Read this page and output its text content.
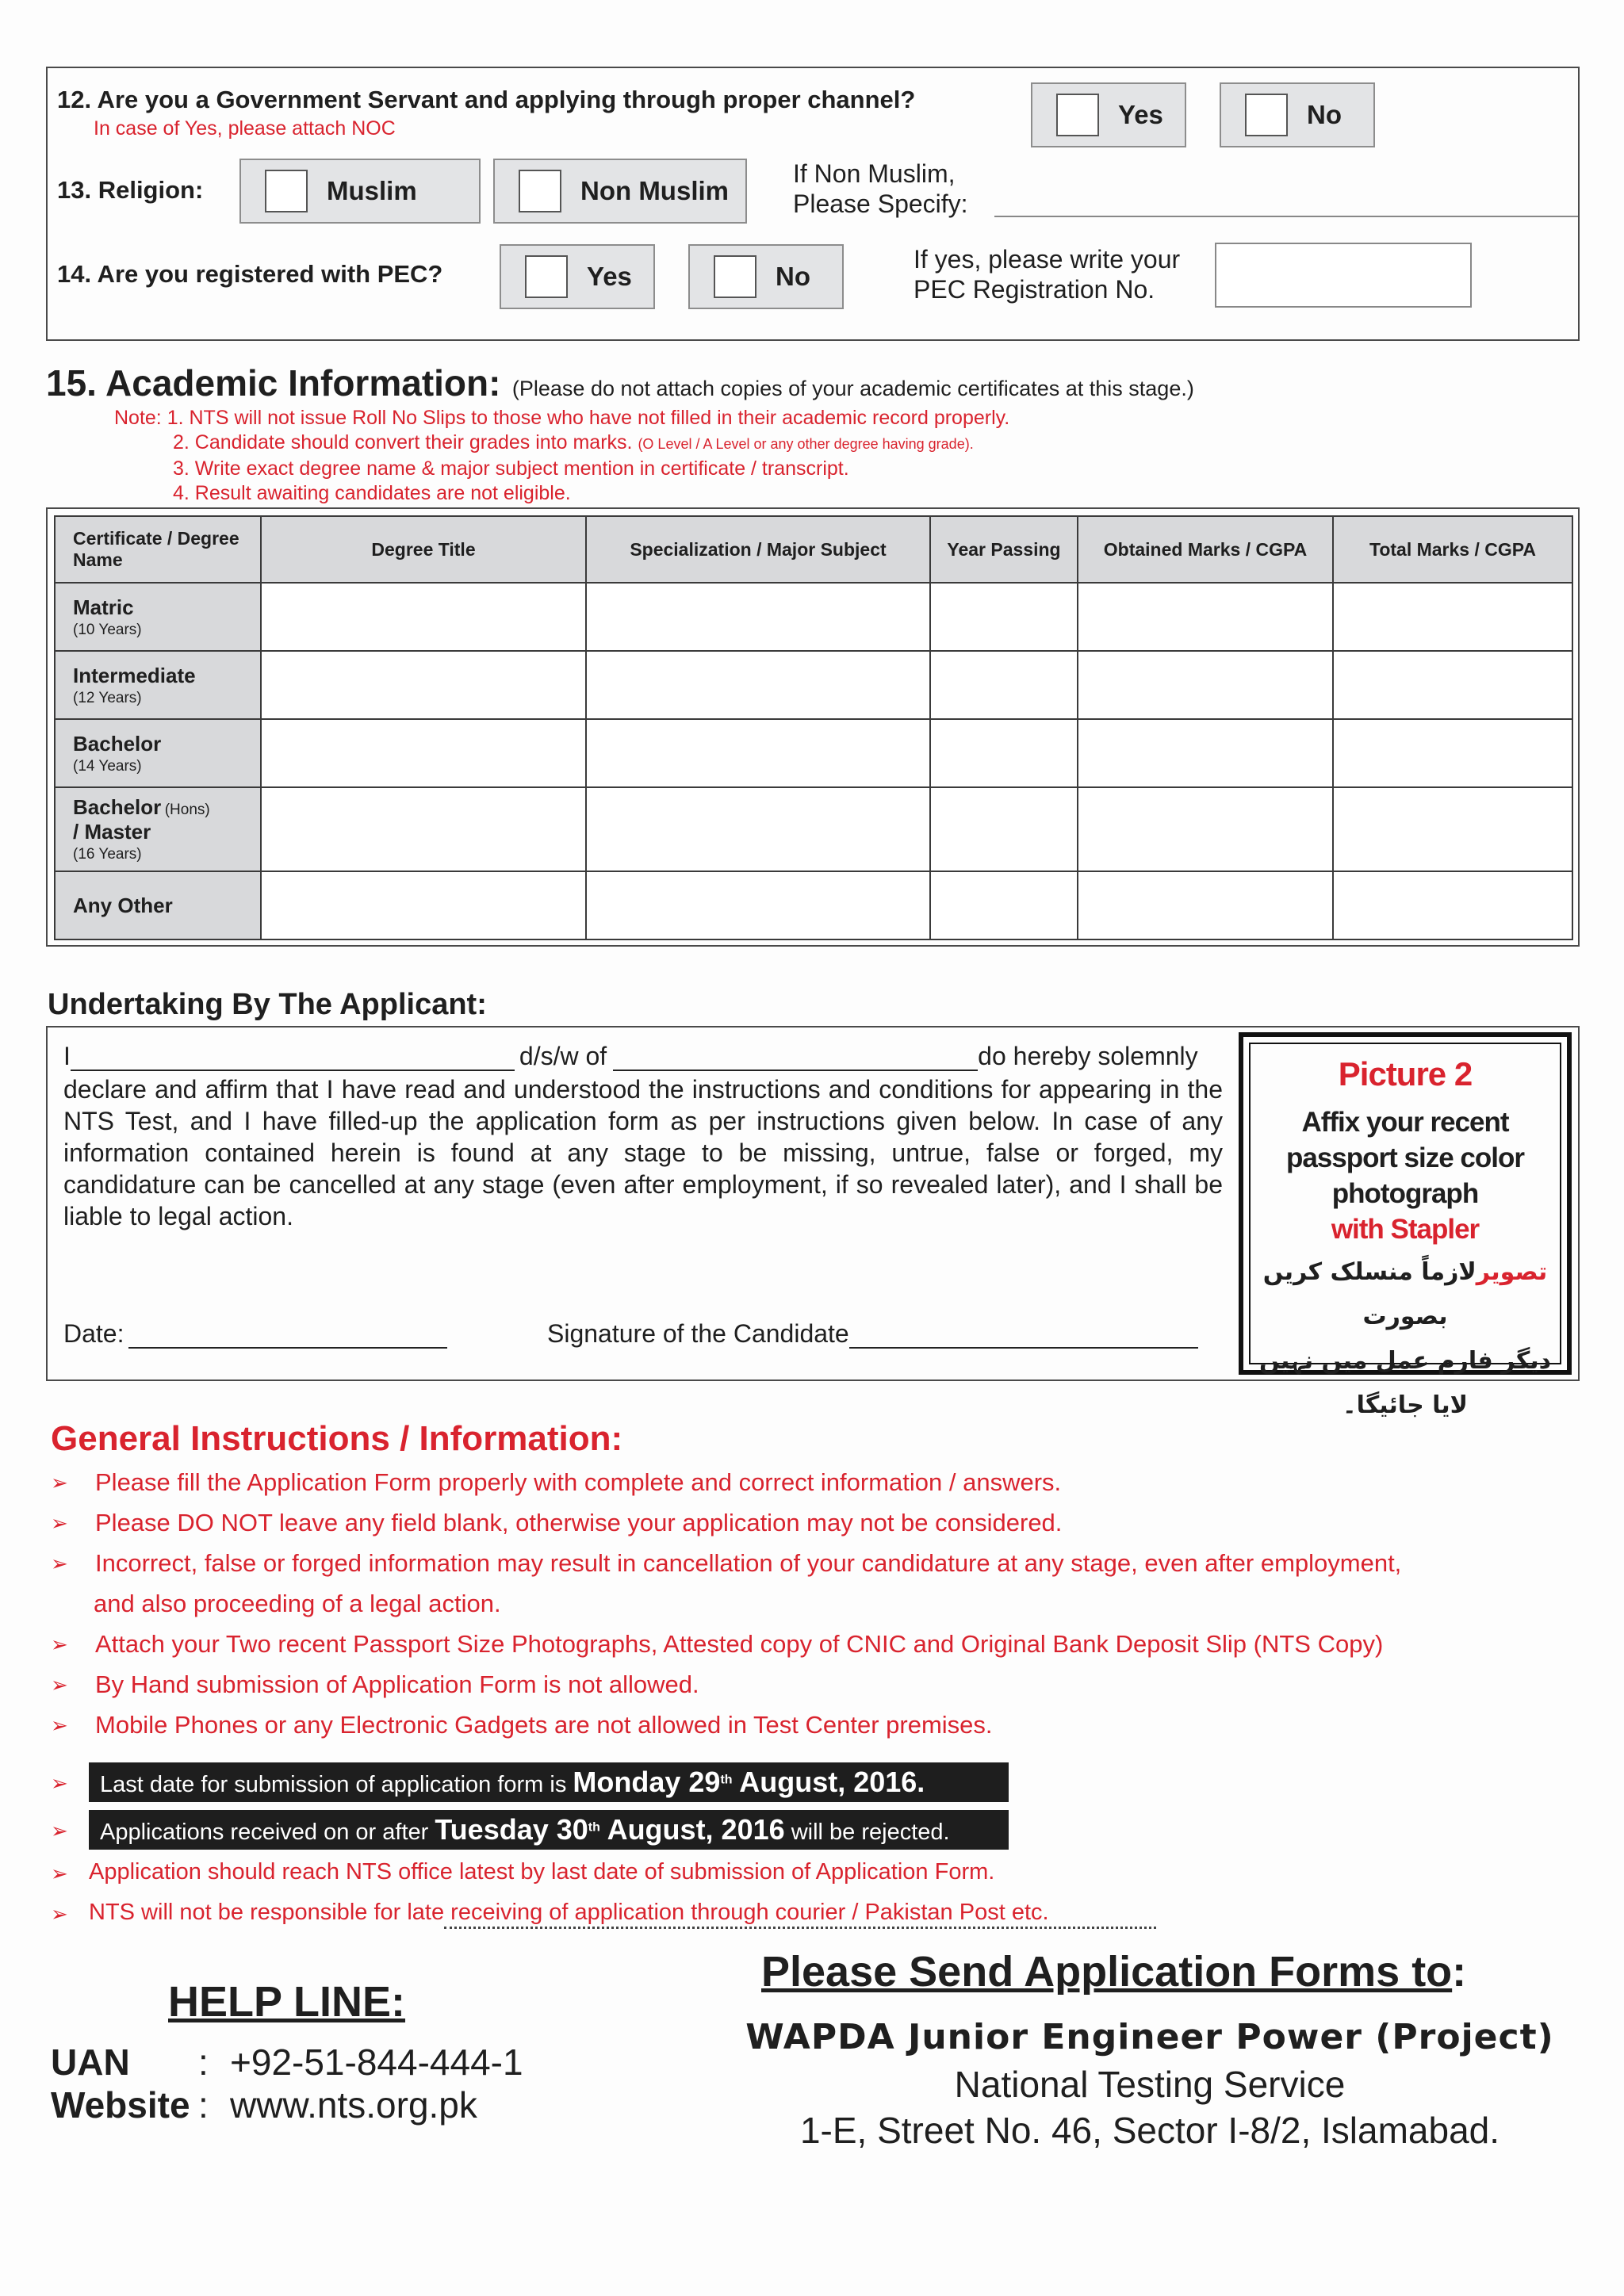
12. Are you a Government Servant and applying through proper channel?
In case of Yes, please attach NOC	Yes	No
13. Religion:	Muslim	Non Muslim
If Non Muslim,
Please Specify:
14. Are you registered with PEC?	Yes	No
If yes, please write your
PEC Registration No.
15. Academic Information: (Please do not attach copies of your academic certificates at this stage.)
Note: 1. NTS will not issue Roll No Slips to those who have not filled in their academic record properly.
2. Candidate should convert their grades into marks. (O Level / A Level or any other degree having grade).
3. Write exact degree name & major subject mention in certificate / transcript.
4. Result awaiting candidates are not eligible.
Certificate / Degree Name	Degree Title	Specialization / Major Subject	Year Passing	Obtained Marks / CGPA	Total Marks / CGPA

Matric
(10 Years)					

Intermediate
(12 Years)					

Bachelor
(14 Years)					

Bachelor (Hons)
/ Master
(16 Years)					

Any Other					

Undertaking By The Applicant:
I	d/s/w of	do hereby solemnly
declare and affirm that I have read and understood the instructions and conditions for appearing in the NTS Test, and I have filled-up the application form as per instructions given below. In case of any information contained herein is found at any stage to be missing, untrue, false or forged, my candidature can be cancelled at any stage (even after employment, if so revealed later), and I shall be liable to legal action.
Date:	Signature of the Candidate
Picture 2
Affix your recent
passport size color
photograph
with Stapler
تصویرلازماً منسلک کریں بصورت
دیگر فارم عمل میں نہیں لایا جائیگا۔
General Instructions / Information:
➢	Please fill the Application Form properly with complete and correct information / answers.
➢	Please DO NOT leave any field blank, otherwise your application may not be considered.
➢	Incorrect, false or forged information may result in cancellation of your candidature at any stage, even after employment,
and also proceeding of a legal action.
➢	Attach your Two recent Passport Size Photographs, Attested copy of CNIC and Original Bank Deposit Slip (NTS Copy)
➢	By Hand submission of Application Form is not allowed.
➢	Mobile Phones or any Electronic Gadgets are not allowed in Test Center premises.
➢	Last date for submission of application form is Monday 29th August, 2016.
➢	Applications received on or after Tuesday 30th August, 2016 will be rejected.
➢ Application should reach NTS office latest by last date of submission of Application Form.
➢ NTS will not be responsible for late receiving of application through courier / Pakistan Post etc.
HELP LINE:
UAN : +92-51-844-444-1
Website : www.nts.org.pk
Please Send Application Forms to:
WAPDA Junior Engineer Power (Project)
National Testing Service
1-E, Street No. 46, Sector I-8/2, Islamabad.
